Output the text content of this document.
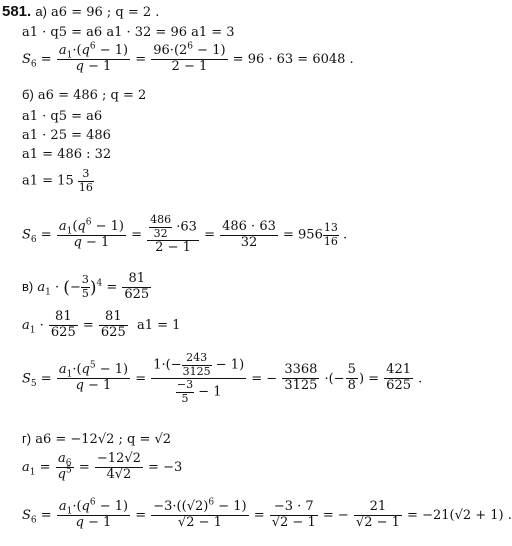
581. а) a6 = 96 ; q = 2 .
a1 · q5 = a6 a1 · 32 = 96 a1 = 3
$S_6 = \frac{a_1\cdot(q^6 - 1)}{q - 1} = \frac{96\cdot(2^6 - 1)}{2 - 1} = 96 \cdot 63 = 6048$ .
б) a6 = 486 ; q = 2
a1 · q5 = a6
a1 · 25 = 486
a1 = 486 : 32
$a1 = 15 \frac{3}{16}$
$S_6 = \frac{a_1(q^6 - 1)}{q - 1} = \frac{\frac{486}{32} \cdot 63}{2 - 1} = \frac{486 \cdot 63}{32} = 956 \frac{13}{16}$ .
в) $a_1$ · (− $\frac{3}{5} )^4 = \frac{81}{625}$
$a_1 \cdot \frac{81}{625} = \frac{81}{625} a1 = 1$
$S_5 = \frac{a_1\cdot(q^5 - 1)}{q - 1} = \frac{1\cdot(- \frac{243}{3125} - 1)}{\frac{-3}{5} - 1}$ = − $\frac{3368}{3125}$ ·(− $\frac{5}{8}$ ) = $\frac{421}{625}$ .
г) a6 = −12√2 ; q = √2
$a_1 = \frac{a_6}{q^5} = \frac{-12√2}{4√2} = -3$
$S_6 = \frac{a_1\cdot(q^6 - 1)}{q - 1} = \frac{-3\cdot((√2)^6 - 1)}{√2 - 1} = \frac{-3 \cdot 7}{√2 - 1}$ = − $\frac{21}{√2 - 1} = -21(√2 + 1)$ .
